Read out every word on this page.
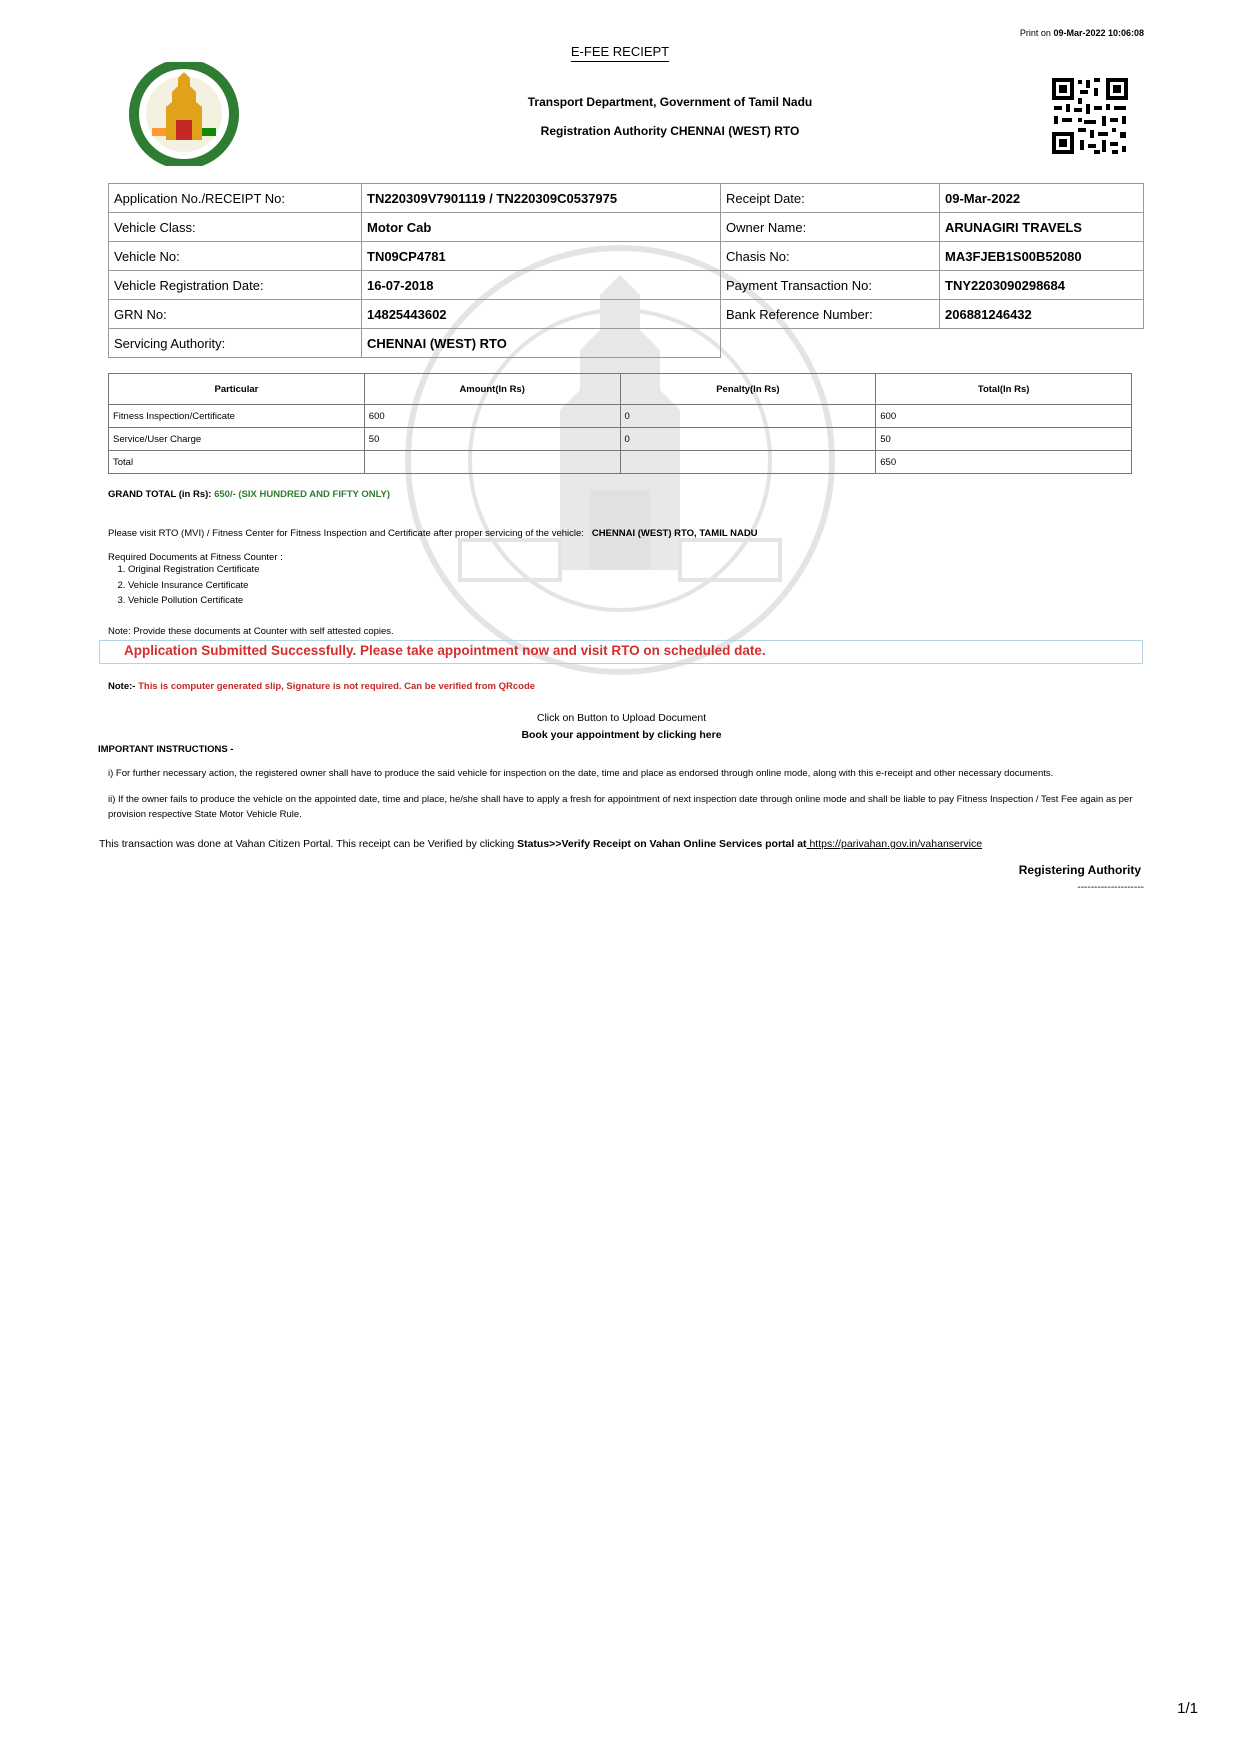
Print on 09-Mar-2022 10:06:08
E-FEE RECIEPT
Transport Department, Government of Tamil Nadu
Registration Authority CHENNAI (WEST) RTO
Application No./RECEIPT No:	TN220309V7901119 / TN220309C0537975	Receipt Date:	09-Mar-2022
Vehicle Class:	Motor Cab	Owner Name:	ARUNAGIRI TRAVELS
Vehicle No:	TN09CP4781	Chasis No:	MA3FJEB1S00B52080
Vehicle Registration Date:	16-07-2018	Payment Transaction No:	TNY2203090298684
GRN No:	14825443602	Bank Reference Number:	206881246432
Servicing Authority:	CHENNAI (WEST) RTO		
Particular	Amount(In Rs)	Penalty(In Rs)	Total(In Rs)
Fitness Inspection/Certificate	600	0	600
Service/User Charge	50	0	50
Total			650
GRAND TOTAL (in Rs): 650/- (SIX HUNDRED AND FIFTY ONLY)
Please visit RTO (MVI) / Fitness Center for Fitness Inspection and Certificate after proper servicing of the vehicle: CHENNAI (WEST) RTO, TAMIL NADU
Required Documents at Fitness Counter :
1. Original Registration Certificate
2. Vehicle Insurance Certificate
3. Vehicle Pollution Certificate
Note: Provide these documents at Counter with self attested copies.
Application Submitted Successfully. Please take appointment now and visit RTO on scheduled date.
Note:- This is computer generated slip, Signature is not required. Can be verified from QRcode
Click on Button to Upload Document
Book your appointment by clicking here
IMPORTANT INSTRUCTIONS -
i) For further necessary action, the registered owner shall have to produce the said vehicle for inspection on the date, time and place as endorsed through online mode, along with this e-receipt and other necessary documents.
ii) If the owner fails to produce the vehicle on the appointed date, time and place, he/she shall have to apply a fresh for appointment of next inspection date through online mode and shall be liable to pay Fitness Inspection / Test Fee again as per provision respective State Motor Vehicle Rule.
This transaction was done at Vahan Citizen Portal. This receipt can be Verified by clicking Status>>Verify Receipt on Vahan Online Services portal at https://parivahan.gov.in/vahanservice
Registering Authority
--------------------
1/1
